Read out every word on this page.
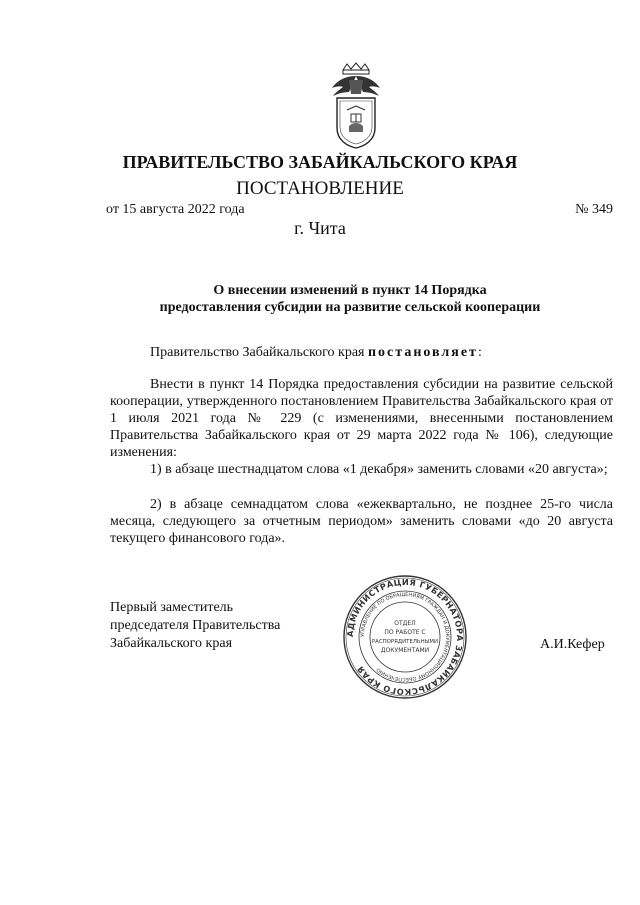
ПРАВИТЕЛЬСТВО ЗАБАЙКАЛЬСКОГО КРАЯ
ПОСТАНОВЛЕНИЕ
от 15 августа 2022 года	№ 349
г. Чита
О внесении изменений в пункт 14 Порядка
предоставления субсидии на развитие сельской кооперации
Правительство Забайкальского края постановляет:

Внести в пункт 14 Порядка предоставления субсидии на развитие сельской кооперации, утвержденного постановлением Правительства Забайкальского края от 1 июля 2021 года № 229 (с изменениями, внесенными постановлением Правительства Забайкальского края от 29 марта 2022 года № 106), следующие изменения:

1) в абзаце шестнадцатом слова «1 декабря» заменить словами «20 августа»;

2) в абзаце семнадцатом слова «ежеквартально, не позднее 25-го числа месяца, следующего за отчетным периодом» заменить словами «до 20 августа текущего финансового года».

Первый заместитель
председателя Правительства
Забайкальского края	А.И.Кефер
АДМИНИСТРАЦИЯ ГУБЕРНАТОРА ЗАБАЙКАЛЬСКОГО КРАЯ
УПРАВЛЕНИЕ ПО ОБРАЩЕНИЯМ ГРАЖДАН И ДОКУМЕНТАЦИОННОМУ ОБЕСПЕЧЕНИЮ
ОТДЕЛ
ПО РАБОТЕ С
РАСПОРЯДИТЕЛЬНЫМИ
ДОКУМЕНТАМИ
